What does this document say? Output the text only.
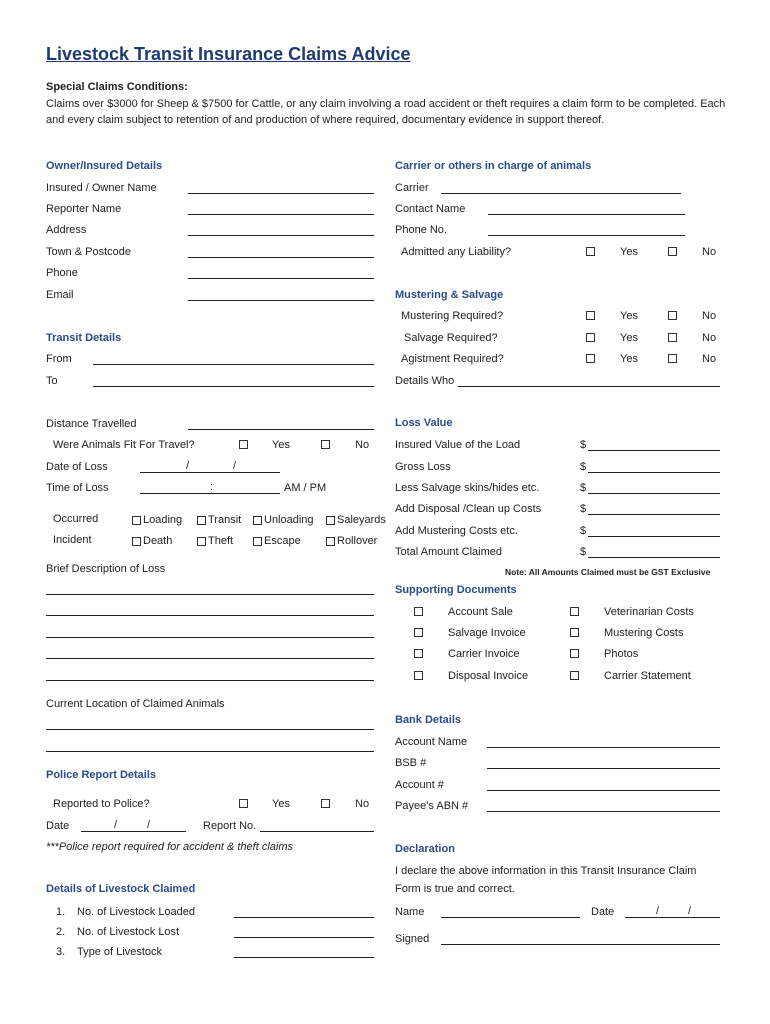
Livestock Transit Insurance Claims Advice
Special Claims Conditions:
Claims over $3000 for Sheep & $7500 for Cattle, or any claim involving a road accident or theft requires a claim form to be completed. Each and every claim subject to retention of and production of where required, documentary evidence in support thereof.
Owner/Insured Details
Insured / Owner Name
Reporter Name
Address
Town & Postcode
Phone
Email
Transit Details
From
To
Distance Travelled
Were Animals Fit For Travel?	Yes	No
Date of Loss	/	/
Time of Loss	:	AM / PM
Occurred	Loading	Transit	Unloading	Saleyards
Incident	Death	Theft	Escape	Rollover
Brief Description of Loss
Current Location of Claimed Animals
Police Report Details
Reported to Police?	Yes	No
Date	/	/	Report No.
***Police report required for accident & theft claims
Details of Livestock Claimed
1. No. of Livestock Loaded
2. No. of Livestock Lost
3. Type of Livestock
Carrier or others in charge of animals
Carrier
Contact Name
Phone No.
Admitted any Liability?	Yes	No
Mustering & Salvage
Mustering Required?	Yes	No
Salvage Required?	Yes	No
Agistment Required?	Yes	No
Details Who
Loss Value
Insured Value of the Load	$
Gross Loss	$
Less Salvage skins/hides etc.	$
Add Disposal /Clean up Costs	$
Add Mustering Costs etc.	$
Total Amount Claimed	$
Note: All Amounts Claimed must be GST Exclusive
Supporting Documents
Account Sale	Veterinarian Costs
Salvage Invoice	Mustering Costs
Carrier Invoice	Photos
Disposal Invoice	Carrier Statement
Bank Details
Account Name
BSB #
Account #
Payee’s ABN #
Declaration
I declare the above information in this Transit Insurance Claim
Form is true and correct.
Name	Date	/	/
Signed
